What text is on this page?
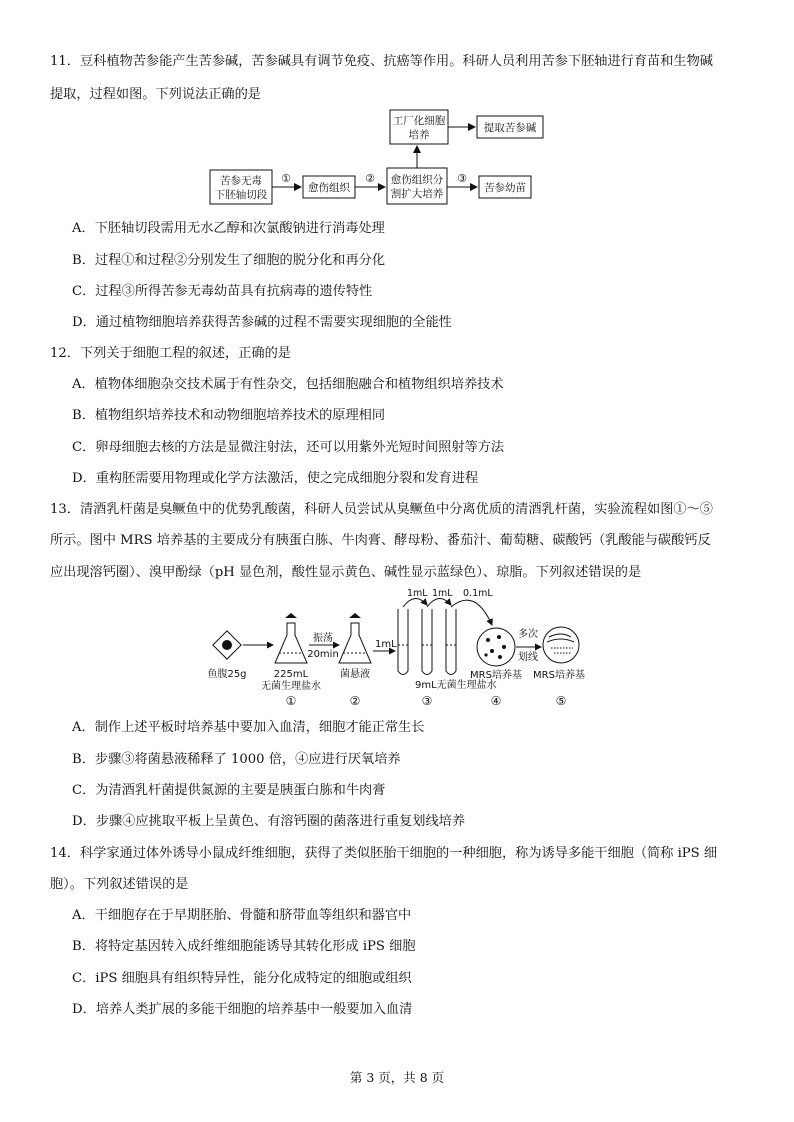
11．豆科植物苦参能产生苦参碱，苦参碱具有调节免疫、抗癌等作用。科研人员利用苦参下胚轴进行育苗和生物碱
提取，过程如图。下列说法正确的是
苦参无毒
下胚轴切段
①
愈伤组织
② 愈伤组织分
割扩大培养
③
苦参幼苗
工厂化细胞
培养
提取苦参碱
A．下胚轴切段需用无水乙醇和次氯酸钠进行消毒处理
B．过程①和过程②分别发生了细胞的脱分化和再分化
C．过程③所得苦参无毒幼苗具有抗病毒的遗传特性
D．通过植物细胞培养获得苦参碱的过程不需要实现细胞的全能性
12．下列关于细胞工程的叙述，正确的是
A．植物体细胞杂交技术属于有性杂交，包括细胞融合和植物组织培养技术
B．植物组织培养技术和动物细胞培养技术的原理相同
C．卵母细胞去核的方法是显微注射法，还可以用紫外光短时间照射等方法
D．重构胚需要用物理或化学方法激活，使之完成细胞分裂和发育进程
13．清酒乳杆菌是臭鳜鱼中的优势乳酸菌，科研人员尝试从臭鳜鱼中分离优质的清酒乳杆菌，实验流程如图①～⑤
所示。图中 MRS 培养基的主要成分有胰蛋白胨、牛肉膏、酵母粉、番茄汁、葡萄糖、碳酸钙（乳酸能与碳酸钙反
应出现溶钙圈）、溴甲酚绿（pH 显色剂，酸性显示黄色、碱性显示蓝绿色）、琼脂。下列叙述错误的是
鱼腹25g	225mL
无菌生理盐水
振荡
20min
菌悬液
1mL
1mL 1mL 0.1mL
9mL无菌生理盐水
MRS培养基
多次
划线
MRS培养基
①	②	③	④	⑤
A．制作上述平板时培养基中要加入血清，细胞才能正常生长
B．步骤③将菌悬液稀释了 1000 倍，④应进行厌氧培养
C．为清酒乳杆菌提供氮源的主要是胰蛋白胨和牛肉膏
D．步骤④应挑取平板上呈黄色、有溶钙圈的菌落进行重复划线培养
14．科学家通过体外诱导小鼠成纤维细胞，获得了类似胚胎干细胞的一种细胞，称为诱导多能干细胞（简称 iPS 细
胞）。下列叙述错误的是
A．干细胞存在于早期胚胎、骨髓和脐带血等组织和器官中
B．将特定基因转入成纤维细胞能诱导其转化形成 iPS 细胞
C．iPS 细胞具有组织特异性，能分化成特定的细胞或组织
D．培养人类扩展的多能干细胞的培养基中一般要加入血清
第 3 页，共 8 页
